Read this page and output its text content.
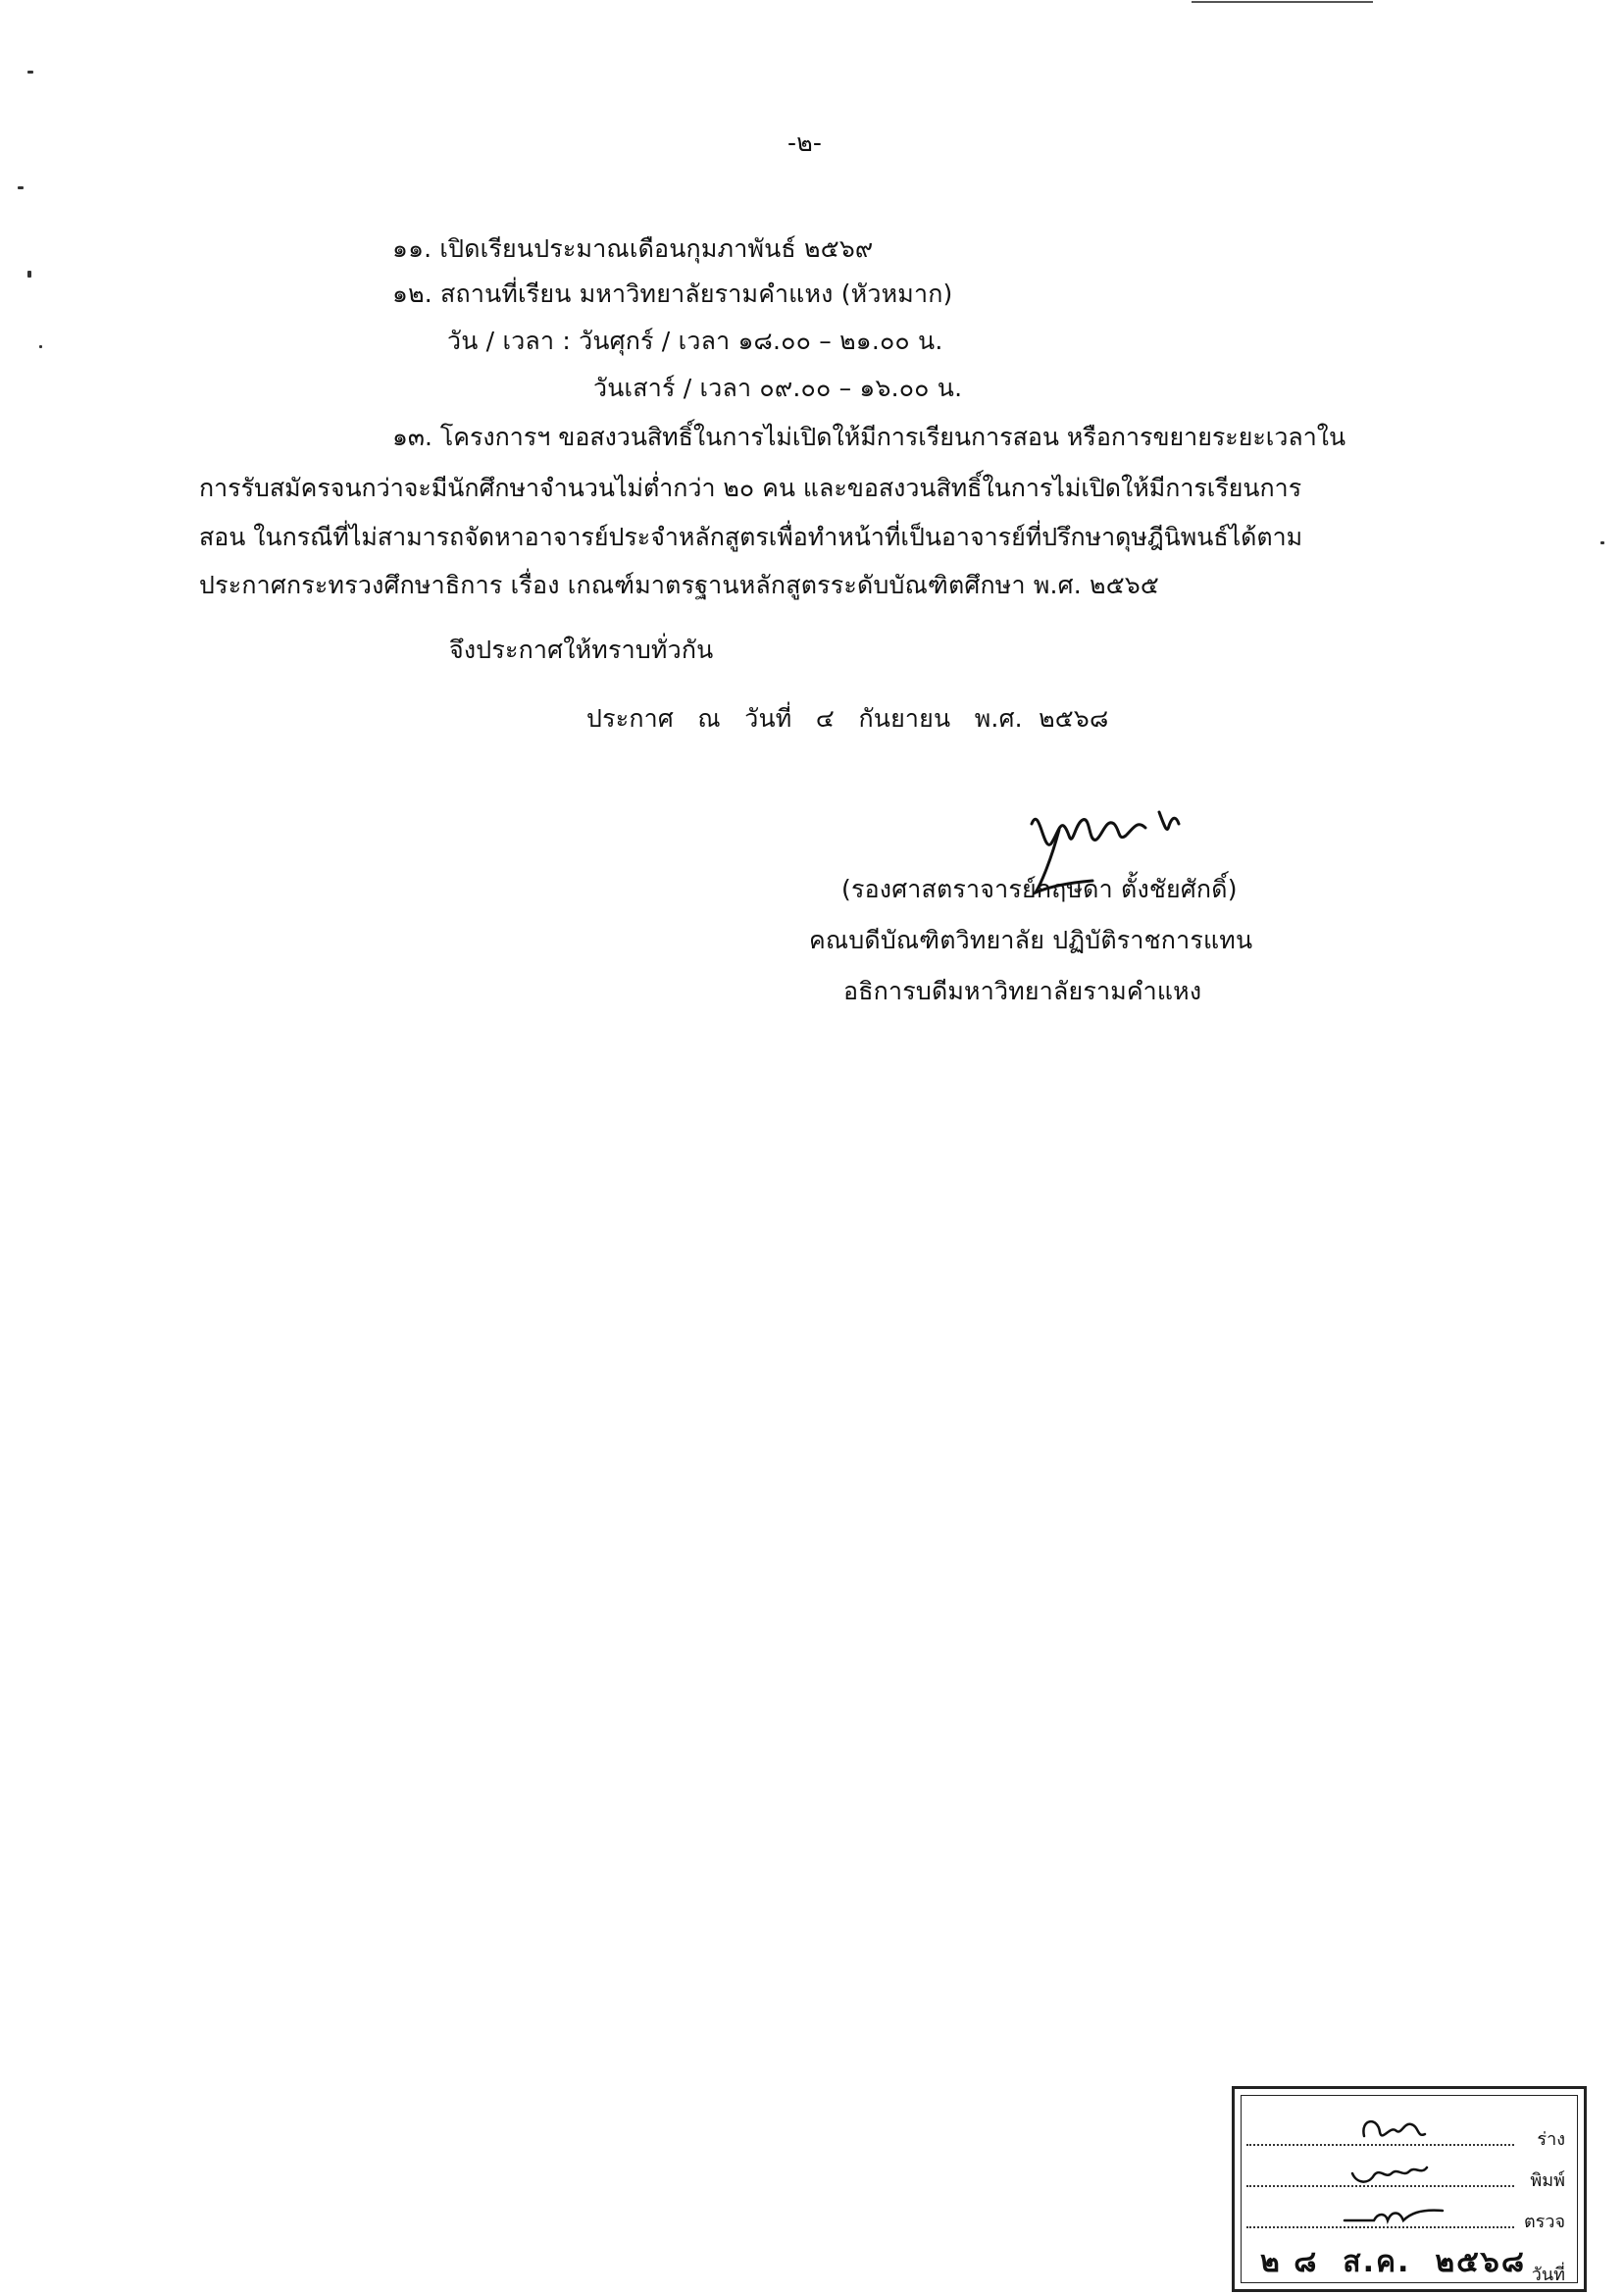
-๒-
๑๑. เปิดเรียนประมาณเดือนกุมภาพันธ์ ๒๕๖๙
๑๒. สถานที่เรียน มหาวิทยาลัยรามคำแหง (หัวหมาก)
วัน / เวลา : วันศุกร์ / เวลา ๑๘.๐๐ – ๒๑.๐๐ น.
วันเสาร์ / เวลา ๐๙.๐๐ – ๑๖.๐๐ น.
๑๓. โครงการฯ ขอสงวนสิทธิ์ในการไม่เปิดให้มีการเรียนการสอน หรือการขยายระยะเวลาใน
การรับสมัครจนกว่าจะมีนักศึกษาจำนวนไม่ต่ำกว่า ๒๐ คน และขอสงวนสิทธิ์ในการไม่เปิดให้มีการเรียนการ
สอน ในกรณีที่ไม่สามารถจัดหาอาจารย์ประจำหลักสูตรเพื่อทำหน้าที่เป็นอาจารย์ที่ปรึกษาดุษฎีนิพนธ์ได้ตาม
ประกาศกระทรวงศึกษาธิการ เรื่อง เกณฑ์มาตรฐานหลักสูตรระดับบัณฑิตศึกษา พ.ศ. ๒๕๖๕
จึงประกาศให้ทราบทั่วกัน
ประกาศ   ณ   วันที่   ๔   กันยายน   พ.ศ.  ๒๕๖๘
(รองศาสตราจารย์กฤษดา ตั้งชัยศักดิ์)
คณบดีบัณฑิตวิทยาลัย ปฏิบัติราชการแทน
อธิการบดีมหาวิทยาลัยรามคำแหง
ร่าง
พิมพ์
ตรวจ
๒ ๘  ส.ค.  ๒๕๖๘ วันที่
